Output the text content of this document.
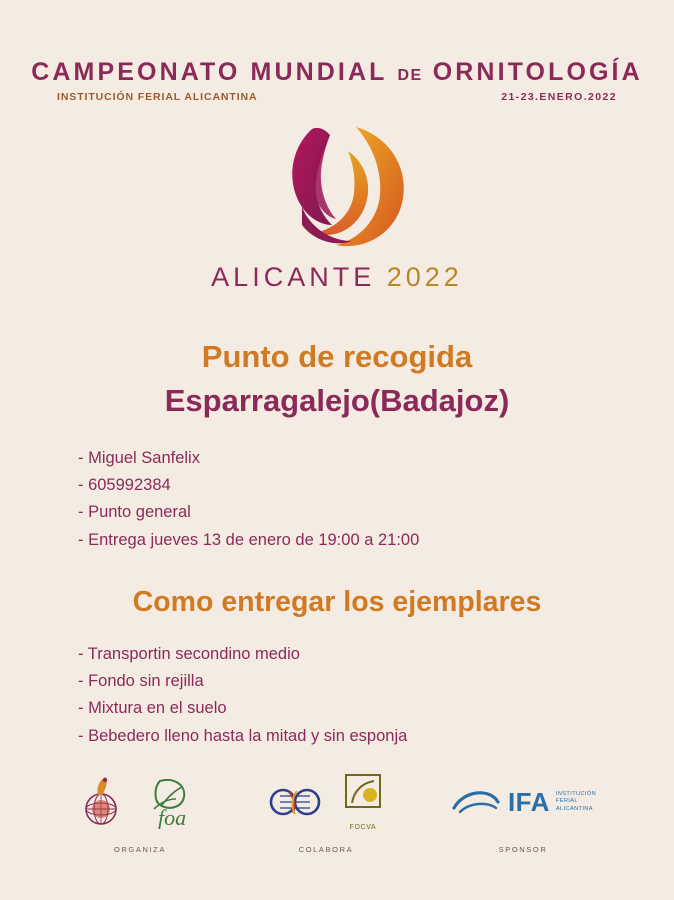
CAMPEONATO MUNDIAL DE ORNITOLOGÍA
INSTITUCIÓN FERIAL ALICANTINA	21-23.ENERO.2022
ALICANTE 2022
Punto de recogida
Esparragalejo(Badajoz)
- Miguel Sanfelix
- 605992384
- Punto general
- Entrega jueves 13 de enero de 19:00 a 21:00
Como entregar los ejemplares
- Transportin secondino medio
- Fondo sin rejilla
- Mixtura en el suelo
- Bebedero lleno hasta la mitad y sin esponja
foa
ORGANIZA
FOCVA
COLABORA
IFA INSTITUCIÓN
FERIAL
ALICANTINA
SPONSOR
